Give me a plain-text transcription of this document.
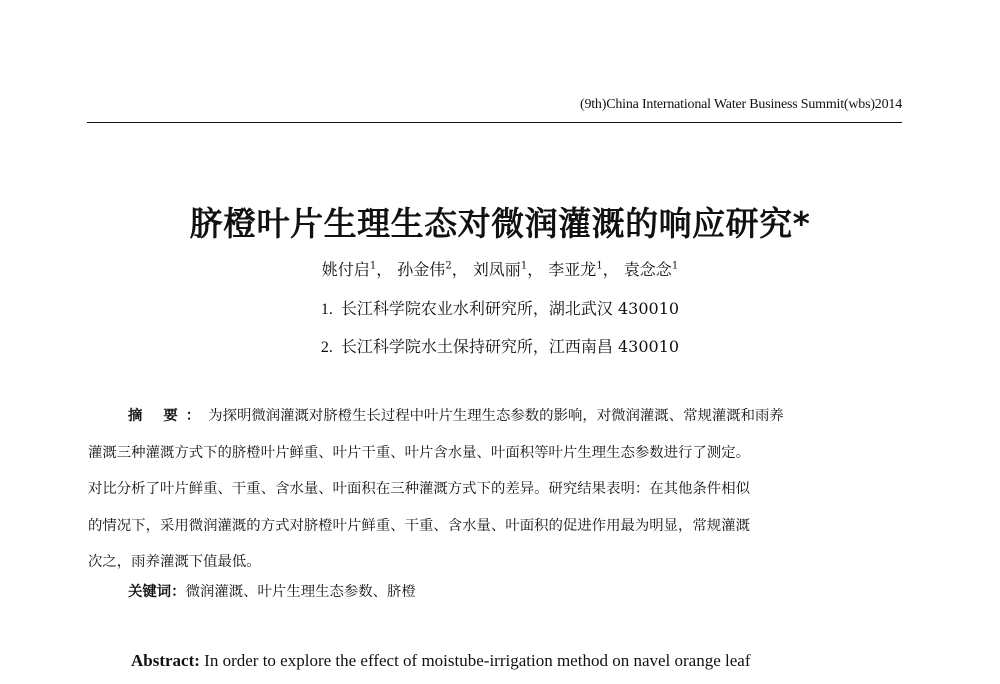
(9th)China International Water Business Summit(wbs)2014
脐橙叶片生理生态对微润灌溉的响应研究*
姚付启$^1$， 孙金伟$^2$， 刘凤丽$^1$， 李亚龙$^1$， 袁念念$^1$
1. 长江科学院农业水利研究所，湖北武汉 430010
2. 长江科学院水土保持研究所，江西南昌 430010
摘 要：为探明微润灌溉对脐橙生长过程中叶片生理生态参数的影响，对微润灌溉、常规灌溉和雨养
灌溉三种灌溉方式下的脐橙叶片鲜重、叶片干重、叶片含水量、叶面积等叶片生理生态参数进行了测定。
对比分析了叶片鲜重、干重、含水量、叶面积在三种灌溉方式下的差异。研究结果表明：在其他条件相似
的情况下，采用微润灌溉的方式对脐橙叶片鲜重、干重、含水量、叶面积的促进作用最为明显，常规灌溉
次之，雨养灌溉下值最低。
关键词：微润灌溉、叶片生理生态参数、脐橙
Abstract: In order to explore the effect of moistube-irrigation method on navel orange leaf
